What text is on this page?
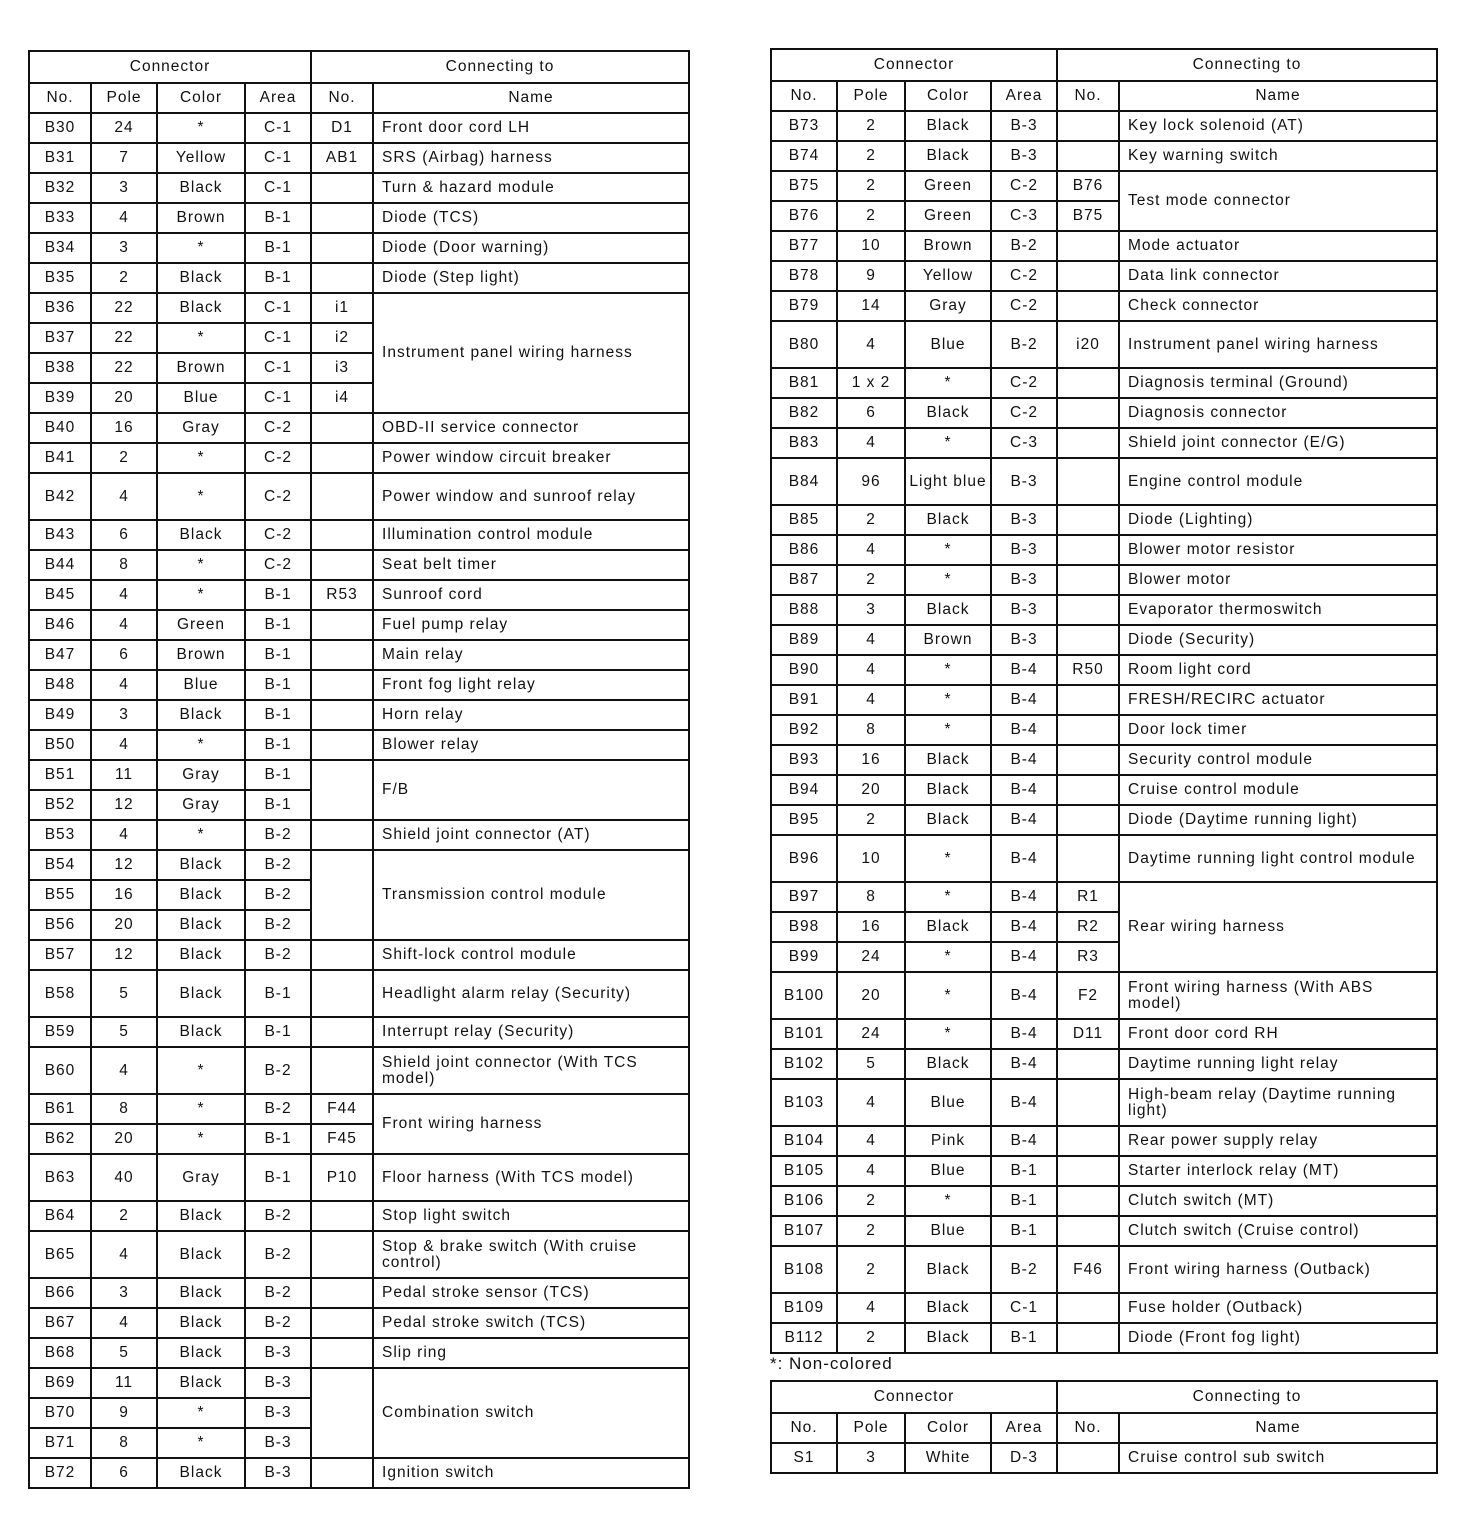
Connector				Connecting to	
No.	Pole	Color	Area	No.	Name
B30	24	*	C-1	D1	Front door cord LH
B31	7	Yellow	C-1	AB1	SRS (Airbag) harness
B32	3	Black	C-1		Turn & hazard module
B33	4	Brown	B-1		Diode (TCS)
B34	3	*	B-1		Diode (Door warning)
B35	2	Black	B-1		Diode (Step light)
B36	22	Black	C-1	i1	Instrument panel wiring harness
B37	22	*	C-1	i2	
B38	22	Brown	C-1	i3	
B39	20	Blue	C-1	i4	
B40	16	Gray	C-2		OBD-II service connector
B41	2	*	C-2		Power window circuit breaker
B42	4	*	C-2		Power window and sunroof relay
B43	6	Black	C-2		Illumination control module
B44	8	*	C-2		Seat belt timer
B45	4	*	B-1	R53	Sunroof cord
B46	4	Green	B-1		Fuel pump relay
B47	6	Brown	B-1		Main relay
B48	4	Blue	B-1		Front fog light relay
B49	3	Black	B-1		Horn relay
B50	4	*	B-1		Blower relay
B51	11	Gray	B-1		F/B
B52	12	Gray	B-1		
B53	4	*	B-2		Shield joint connector (AT)
B54	12	Black	B-2		Transmission control module
B55	16	Black	B-2		
B56	20	Black	B-2		
B57	12	Black	B-2		Shift-lock control module
B58	5	Black	B-1		Headlight alarm relay (Security)
B59	5	Black	B-1		Interrupt relay (Security)
B60	4	*	B-2		Shield joint connector (With TCS model)
B61	8	*	B-2	F44	Front wiring harness
B62	20	*	B-1	F45	
B63	40	Gray	B-1	P10	Floor harness (With TCS model)
B64	2	Black	B-2		Stop light switch
B65	4	Black	B-2		Stop & brake switch (With cruise control)
B66	3	Black	B-2		Pedal stroke sensor (TCS)
B67	4	Black	B-2		Pedal stroke switch (TCS)
B68	5	Black	B-3		Slip ring
B69	11	Black	B-3		Combination switch
B70	9	*	B-3		
B71	8	*	B-3		
B72	6	Black	B-3		Ignition switch
Connector				Connecting to	
No.	Pole	Color	Area	No.	Name
B73	2	Black	B-3		Key lock solenoid (AT)
B74	2	Black	B-3		Key warning switch
B75	2	Green	C-2	B76	Test mode connector
B76	2	Green	C-3	B75	
B77	10	Brown	B-2		Mode actuator
B78	9	Yellow	C-2		Data link connector
B79	14	Gray	C-2		Check connector
B80	4	Blue	B-2	i20	Instrument panel wiring harness
B81	1 x 2	*	C-2		Diagnosis terminal (Ground)
B82	6	Black	C-2		Diagnosis connector
B83	4	*	C-3		Shield joint connector (E/G)
B84	96	Light blue	B-3		Engine control module
B85	2	Black	B-3		Diode (Lighting)
B86	4	*	B-3		Blower motor resistor
B87	2	*	B-3		Blower motor
B88	3	Black	B-3		Evaporator thermoswitch
B89	4	Brown	B-3		Diode (Security)
B90	4	*	B-4	R50	Room light cord
B91	4	*	B-4		FRESH/RECIRC actuator
B92	8	*	B-4		Door lock timer
B93	16	Black	B-4		Security control module
B94	20	Black	B-4		Cruise control module
B95	2	Black	B-4		Diode (Daytime running light)
B96	10	*	B-4		Daytime running light control module
B97	8	*	B-4	R1	Rear wiring harness
B98	16	Black	B-4	R2	
B99	24	*	B-4	R3	
B100	20	*	B-4	F2	Front wiring harness (With ABS model)
B101	24	*	B-4	D11	Front door cord RH
B102	5	Black	B-4		Daytime running light relay
B103	4	Blue	B-4		High-beam relay (Daytime running light)
B104	4	Pink	B-4		Rear power supply relay
B105	4	Blue	B-1		Starter interlock relay (MT)
B106	2	*	B-1		Clutch switch (MT)
B107	2	Blue	B-1		Clutch switch (Cruise control)
B108	2	Black	B-2	F46	Front wiring harness (Outback)
B109	4	Black	C-1		Fuse holder (Outback)
B112	2	Black	B-1		Diode (Front fog light)
*: Non-colored
Connector				Connecting to	
No.	Pole	Color	Area	No.	Name
S1	3	White	D-3		Cruise control sub switch
